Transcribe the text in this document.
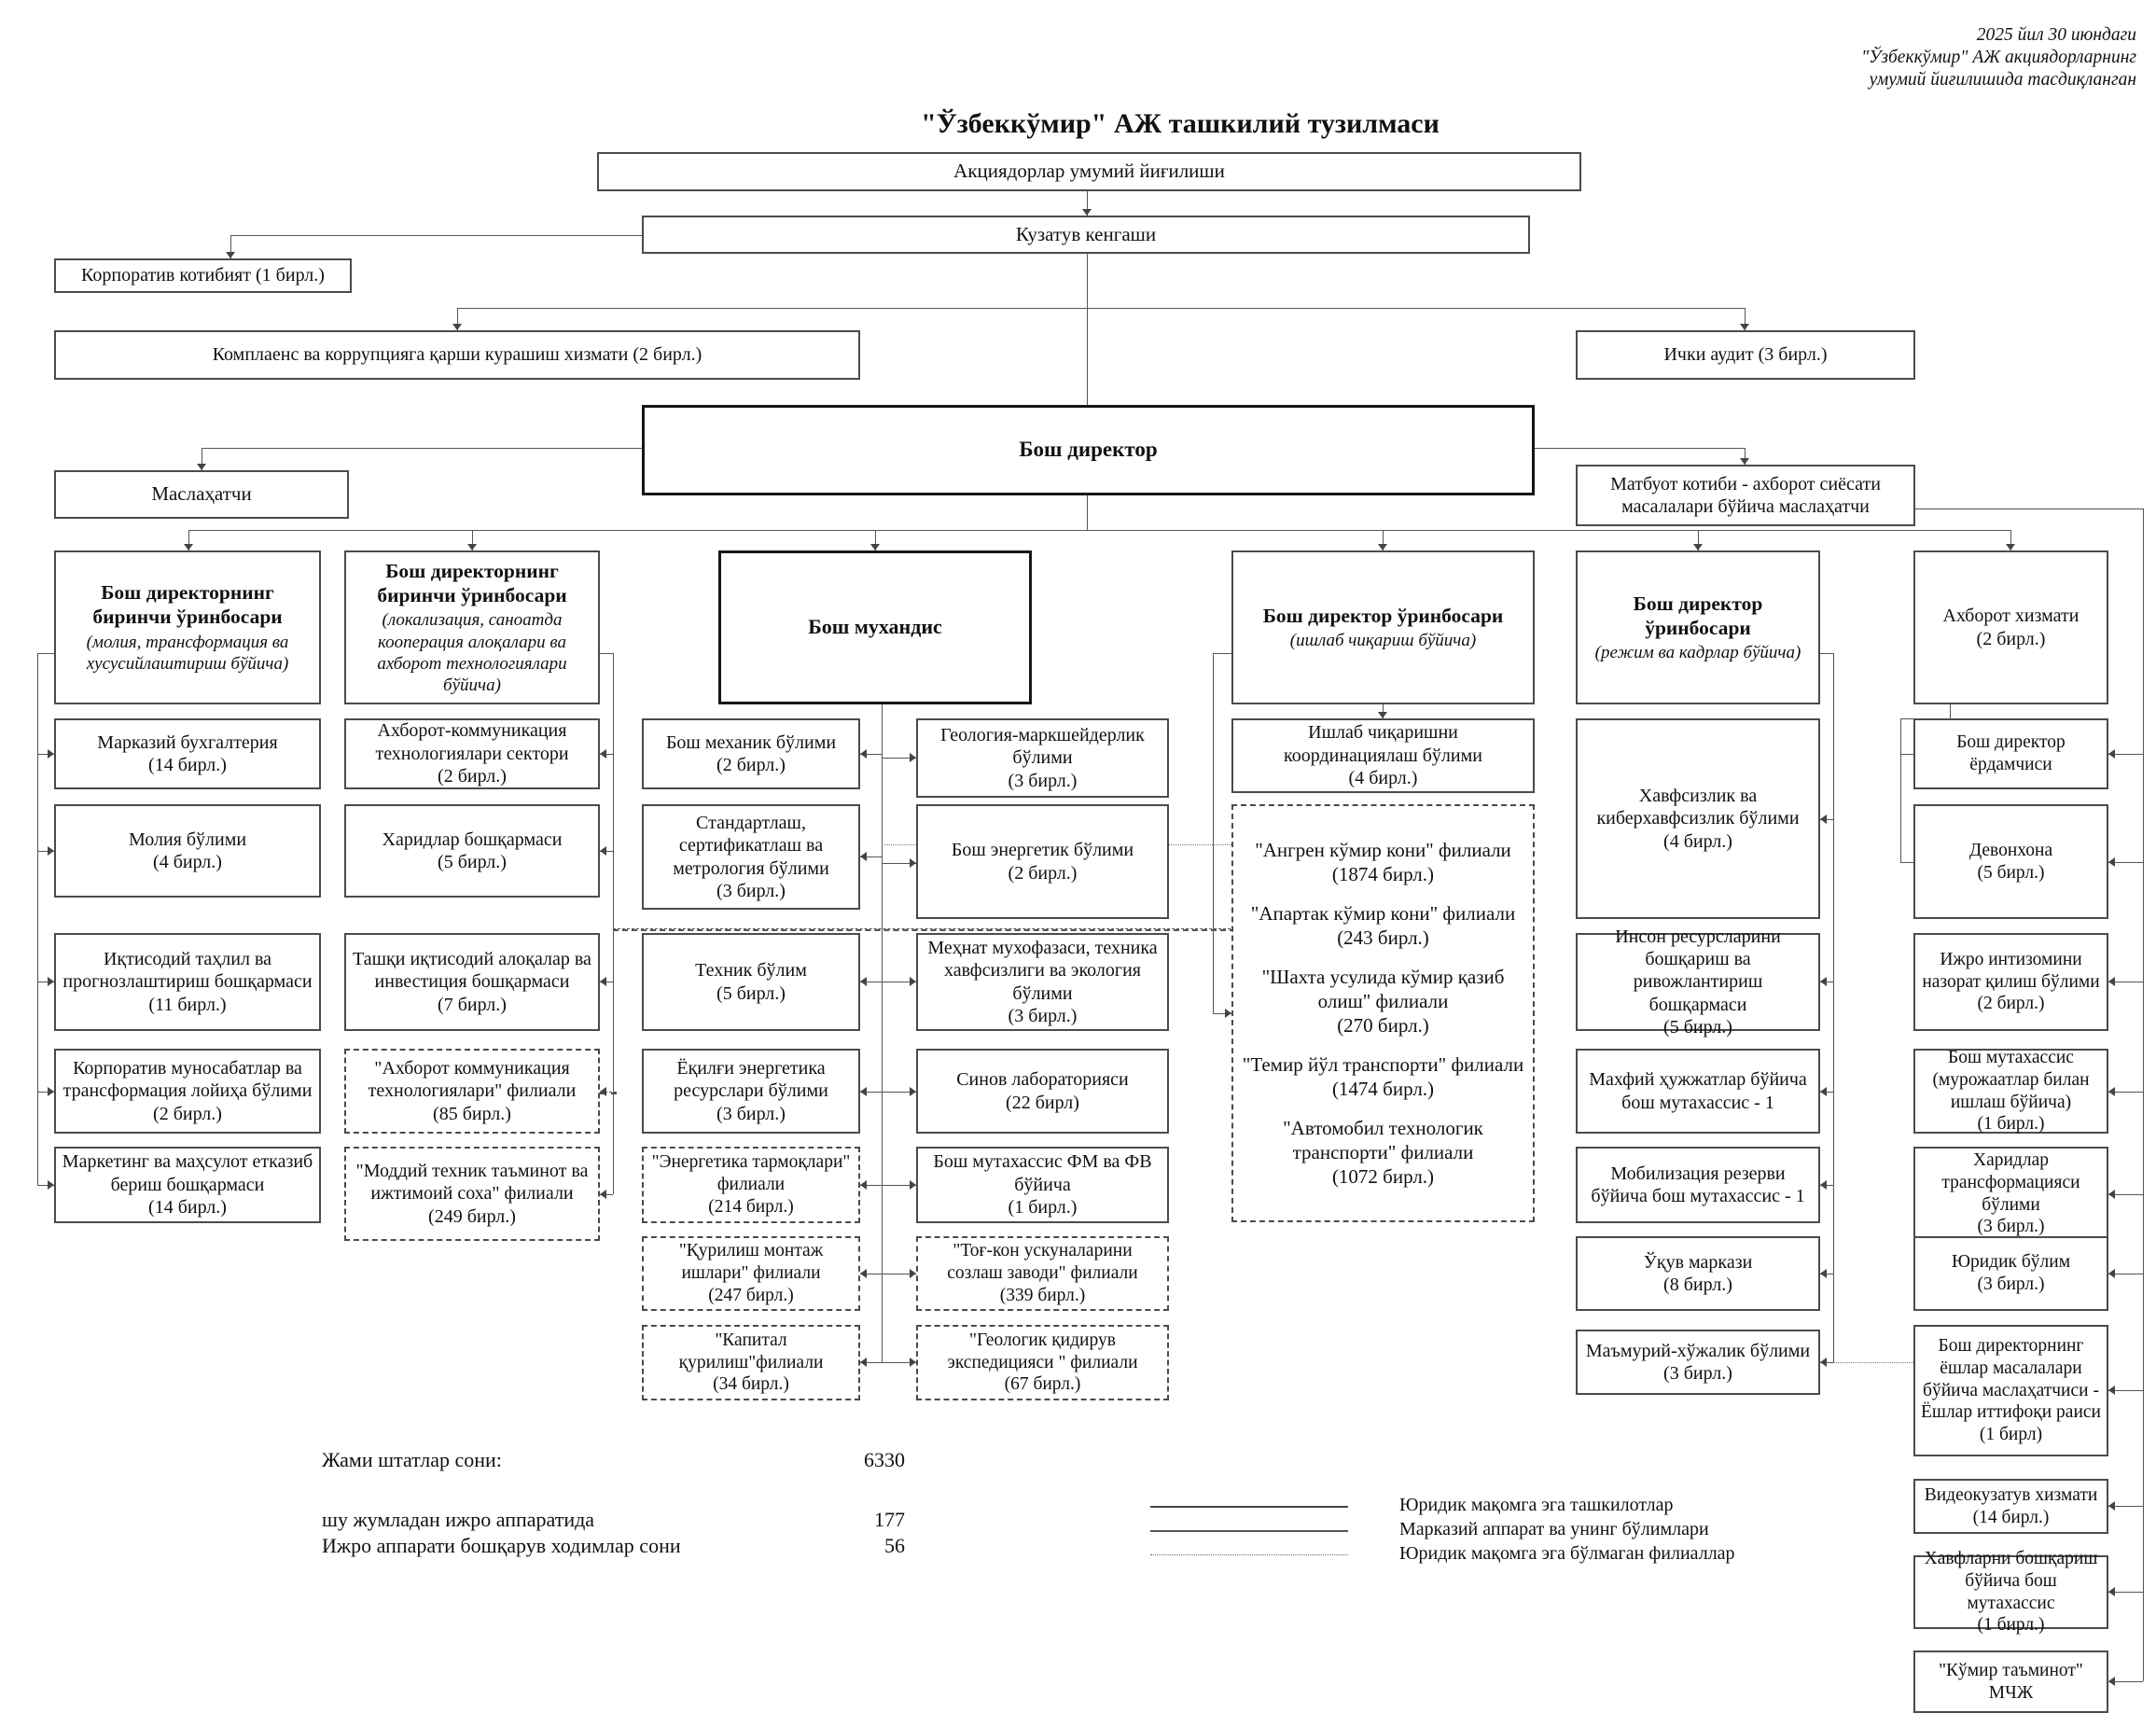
2025 йил 30 июндаги
"Ўзбеккўмир" АЖ акциядорларнинг
умумий йиғилишида тасдиқланган
"Ўзбеккўмир" АЖ ташкилий тузилмаси
Акциядорлар умумий йиғилиши
Кузатув кенгаши
Корпоратив котибият (1 бирл.)
Комплаенс ва коррупцияга қарши курашиш хизмати (2 бирл.)	Ички аудит (3 бирл.)
Бош директор
Маслаҳатчи	Матбуот котиби - ахборот сиёсати масалалари бўйича маслаҳатчи
Бош директорнинг биринчи ўринбосари
(молия, трансформация ва хусусийлаштириш бўйича)
Бош директорнинг биринчи ўринбосари
(локализация, саноатда кооперация алоқалари ва ахборот технологиялари бўйича)
Бош мухандис	Бош директор ўринбосари
(ишлаб чиқариш бўйича)
Бош директор ўринбосари
(режим ва кадрлар бўйича)
Ахборот хизмати
(2 бирл.)
Марказий бухгалтерия
(14 бирл.)
Молия бўлими
(4 бирл.)
Иқтисодий таҳлил ва прогнозлаштириш бошқармаси
(11 бирл.)
Корпоратив муносабатлар ва трансформация лойиҳа бўлими
(2 бирл.)
Маркетинг ва маҳсулот етказиб бериш бошқармаси
(14 бирл.)
Ахборот-коммуникация технологиялари сектори
(2 бирл.)
Харидлар бошқармаси
(5 бирл.)
Ташқи иқтисодий алоқалар ва инвестиция бошқармаси
(7 бирл.)
"Ахборот коммуникация технологиялари" филиали
(85 бирл.)
"Моддий техник таъминот ва ижтимоий соха" филиали
(249 бирл.)
Бош механик бўлими
(2 бирл.)
Стандартлаш, сертификатлаш ва метрология бўлими
(3 бирл.)
Техник бўлим
(5 бирл.)
Ёқилғи энергетика ресурслари бўлими
(3 бирл.)
"Энергетика тармоқлари" филиали
(214 бирл.)
"Қурилиш монтаж ишлари" филиали
(247 бирл.)
"Капитал қурилиш"филиали
(34 бирл.)
Геология-маркшейдерлик бўлими
(3 бирл.)
Бош энергетик бўлими
(2 бирл.)
Меҳнат мухофазаси, техника хавфсизлиги ва экология бўлими
(3 бирл.)
Синов лабораторияси
(22 бирл)
Бош мутахассис ФМ ва ФВ бўйича
(1 бирл.)
"Тоғ-кон ускуналарини созлаш заводи" филиали
(339 бирл.)
"Геологик қидирув экспедицияси " филиали
(67 бирл.)
Ишлаб чиқаришни координациялаш бўлими
(4 бирл.)
"Ангрен кўмир кони" филиали
(1874 бирл.)
"Апартак кўмир кони" филиали
(243 бирл.)
"Шахта усулида кўмир қазиб олиш" филиали
(270 бирл.)
"Темир йўл транспорти" филиали
(1474 бирл.)
"Автомобил технологик транспорти" филиали
(1072 бирл.)
Хавфсизлик ва киберхавфсизлик бўлими
(4 бирл.)
Инсон ресурсларини бошқариш ва ривожлантириш бошқармаси
(5 бирл.)
Махфий ҳужжатлар бўйича бош мутахассис - 1
Мобилизация резерви бўйича бош мутахассис - 1
Ўқув маркази
(8 бирл.)
Маъмурий-хўжалик бўлими
(3 бирл.)
Бош директор ёрдамчиси
Девонхона
(5 бирл.)
Ижро интизомини назорат қилиш бўлими
(2 бирл.)
Бош мутахассис (мурожаатлар билан ишлаш бўйича)
(1 бирл.)
Харидлар трансформацияси бўлими
(3 бирл.)
Юридик бўлим
(3 бирл.)
Бош директорнинг ёшлар масалалари бўйича маслаҳатчиси - Ёшлар иттифоқи раиси
(1 бирл)
Видеокузатув хизмати
(14 бирл.)
Хавфларни бошқариш бўйича бош мутахассис
(1 бирл.)
"Кўмир таъминот" МЧЖ
Жами штатлар сони:	6330
шу жумладан ижро аппаратида	177
Ижро аппарати бошқарув ходимлар сони	56
Юридик мақомга эга ташкилотлар
Марказий аппарат ва унинг бўлимлари
Юридик мақомга эга бўлмаган филиаллар
